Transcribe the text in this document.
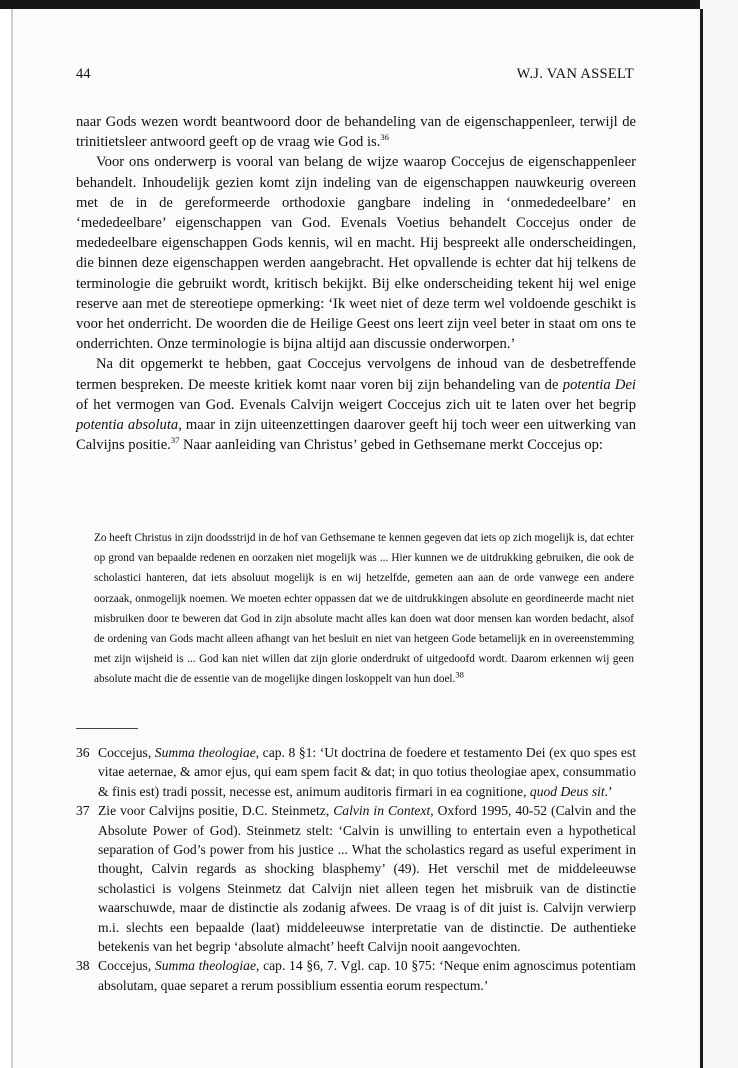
44	W.J. VAN ASSELT

naar Gods wezen wordt beantwoord door de behandeling van de eigenschappenleer, terwijl de trinitietsleer antwoord geeft op de vraag wie God is.$^{36}$

Voor ons onderwerp is vooral van belang de wijze waarop Coccejus de eigenschappenleer behandelt. Inhoudelijk gezien komt zijn indeling van de eigenschappen nauwkeurig overeen met de in de gereformeerde orthodoxie gangbare indeling in ‘onmededeelbare’ en ‘mededeelbare’ eigenschappen van God. Evenals Voetius behandelt Coccejus onder de mededeelbare eigenschappen Gods kennis, wil en macht. Hij bespreekt alle onderscheidingen, die binnen deze eigenschappen werden aangebracht. Het opvallende is echter dat hij telkens de terminologie die gebruikt wordt, kritisch bekijkt. Bij elke onderscheiding tekent hij wel enige reserve aan met de stereotiepe opmerking: ‘Ik weet niet of deze term wel voldoende geschikt is voor het onderricht. De woorden die de Heilige Geest ons leert zijn veel beter in staat om ons te onderrichten. Onze terminologie is bijna altijd aan discussie onderworpen.’

Na dit opgemerkt te hebben, gaat Coccejus vervolgens de inhoud van de desbetreffende termen bespreken. De meeste kritiek komt naar voren bij zijn behandeling van de potentia Dei of het vermogen van God. Evenals Calvijn weigert Coccejus zich uit te laten over het begrip potentia absoluta, maar in zijn uiteenzettingen daarover geeft hij toch weer een uitwerking van Calvijns positie.$^{37}$ Naar aanleiding van Christus’ gebed in Gethsemane merkt Coccejus op:

Zo heeft Christus in zijn doodsstrijd in de hof van Gethsemane te kennen gegeven dat iets op zich mogelijk is, dat echter op grond van bepaalde redenen en oorzaken niet mogelijk was ... Hier kunnen we de uitdrukking gebruiken, die ook de scholastici hanteren, dat iets absoluut mogelijk is en wij hetzelfde, gemeten aan aan de orde vanwege een andere oorzaak, onmogelijk noemen. We moeten echter oppassen dat we de uitdrukkingen absolute en geordineerde macht niet misbruiken door te beweren dat God in zijn absolute macht alles kan doen wat door mensen kan worden bedacht, alsof de ordening van Gods macht alleen afhangt van het besluit en niet van hetgeen Gode betamelijk en in overeenstemming met zijn wijsheid is ... God kan niet willen dat zijn glorie onderdrukt of uitgedoofd wordt. Daarom erkennen wij geen absolute macht die de essentie van de mogelijke dingen loskoppelt van hun doel.$^{38}$

36 Coccejus, Summa theologiae, cap. 8 §1: ‘Ut doctrina de foedere et testamento Dei (ex quo spes est vitae aeternae, & amor ejus, qui eam spem facit & dat; in quo totius theologiae apex, consummatio & finis est) tradi possit, necesse est, animum auditoris firmari in ea cognitione, quod Deus sit.’

37 Zie voor Calvijns positie, D.C. Steinmetz, Calvin in Context, Oxford 1995, 40-52 (Calvin and the Absolute Power of God). Steinmetz stelt: ‘Calvin is unwilling to entertain even a hypothetical separation of God’s power from his justice ... What the scholastics regard as useful experiment in thought, Calvin regards as shocking blasphemy’ (49). Het verschil met de middeleeuwse scholastici is volgens Steinmetz dat Calvijn niet alleen tegen het misbruik van de distinctie waarschuwde, maar de distinctie als zodanig afwees. De vraag is of dit juist is. Calvijn verwierp m.i. slechts een bepaalde (laat) middeleeuwse interpretatie van de distinctie. De authentieke betekenis van het begrip ‘absolute almacht’ heeft Calvijn nooit aangevochten.

38 Coccejus, Summa theologiae, cap. 14 §6, 7. Vgl. cap. 10 §75: ‘Neque enim agnoscimus potentiam absolutam, quae separet a rerum possiblium essentia eorum respectum.’
